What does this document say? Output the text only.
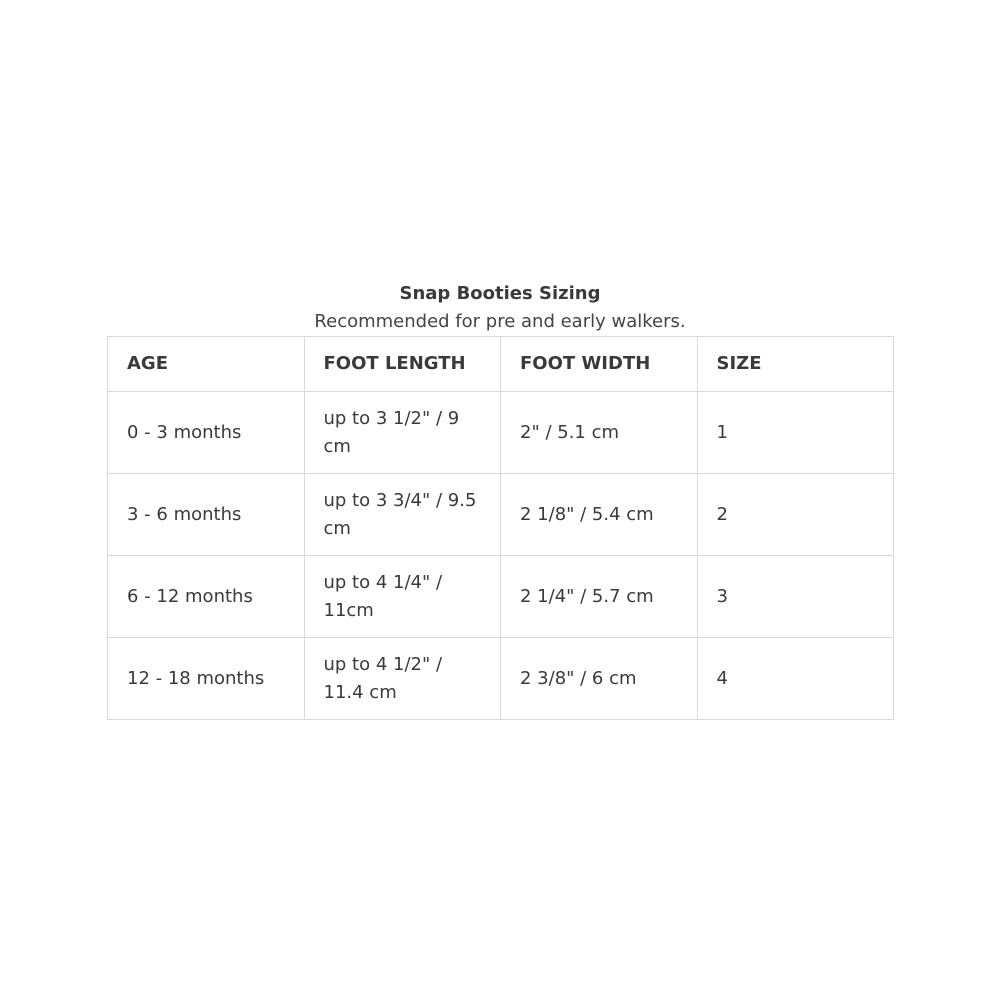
Snap Booties Sizing
Recommended for pre and early walkers.
AGE	FOOT LENGTH	FOOT WIDTH	SIZE
0 - 3 months	up to 3 1/2" / 9 cm	2" / 5.1 cm	1
3 - 6 months	up to 3 3/4" / 9.5 cm	2 1/8" / 5.4 cm	2
6 - 12 months	up to 4 1/4" / 11cm	2 1/4" / 5.7 cm	3
12 - 18 months	up to 4 1/2" / 11.4 cm	2 3/8" / 6 cm	4
